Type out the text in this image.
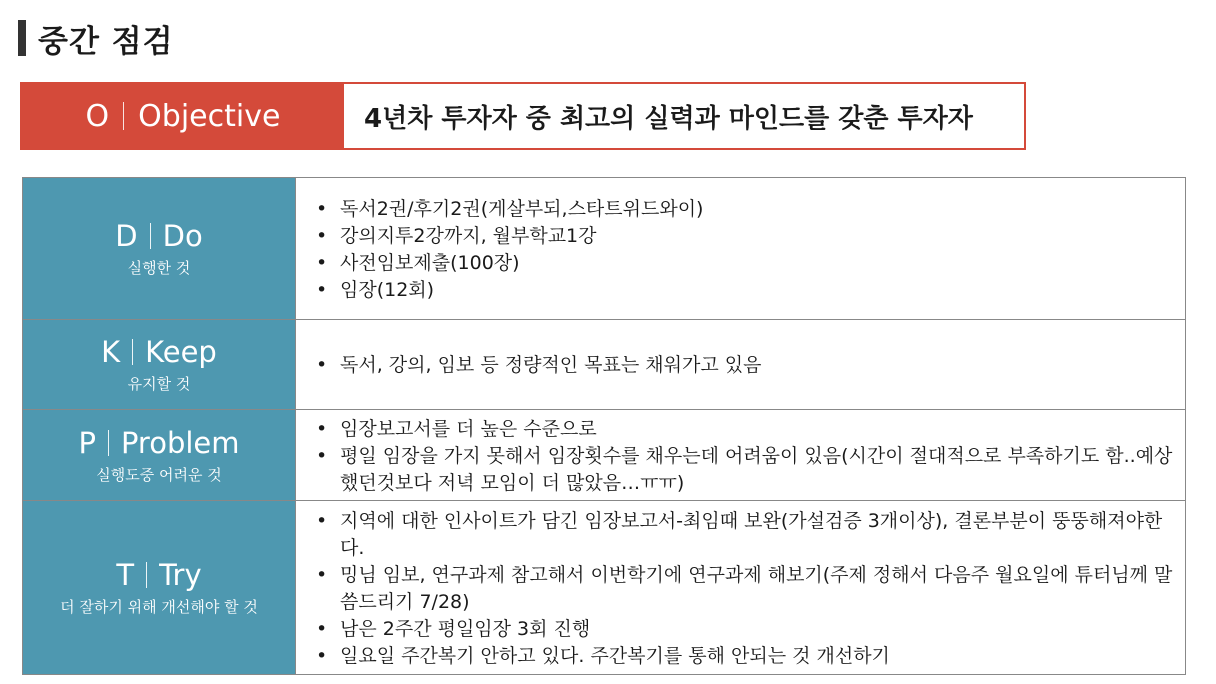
중간 점검
O Objective	4년차 투자자 중 최고의 실력과 마인드를 갖춘 투자자
D Do
실행한 것
• 독서2권/후기2권(게살부되,스타트위드와이)
• 강의지투2강까지, 월부학교1강
• 사전임보제출(100장)
• 임장(12회)
K Keep
유지할 것
• 독서, 강의, 임보 등 정량적인 목표는 채워가고 있음
P Problem
실행도중 어려운 것
• 임장보고서를 더 높은 수준으로
• 평일 임장을 가지 못해서 임장횟수를 채우는데 어려움이 있음(시간이 절대적으로 부족하기도 함..예상했던것보다 저녁 모임이 더 많았음…ㅠㅠ)
T Try
더 잘하기 위해 개선해야 할 것
• 지역에 대한 인사이트가 담긴 임장보고서-최임때 보완(가설검증 3개이상), 결론부분이 뚱뚱해져야한다.
• 밍님 임보, 연구과제 참고해서 이번학기에 연구과제 해보기(주제 정해서 다음주 월요일에 튜터님께 말씀드리기 7/28)
• 남은 2주간 평일임장 3회 진행
• 일요일 주간복기 안하고 있다. 주간복기를 통해 안되는 것 개선하기
